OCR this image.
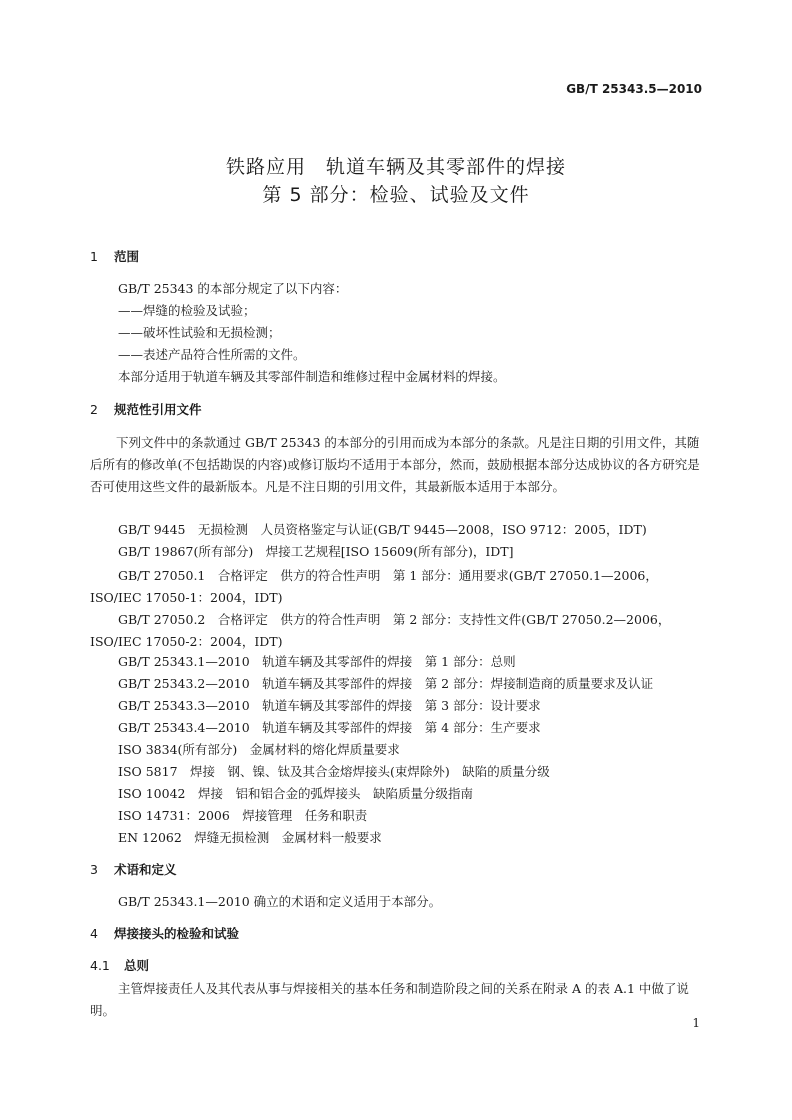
GB/T 25343.5—2010
铁路应用　轨道车辆及其零部件的焊接
第 5 部分：检验、试验及文件
1 范围
GB/T 25343 的本部分规定了以下内容：
——焊缝的检验及试验；
——破坏性试验和无损检测；
——表述产品符合性所需的文件。
本部分适用于轨道车辆及其零部件制造和维修过程中金属材料的焊接。
2 规范性引用文件
下列文件中的条款通过 GB/T 25343 的本部分的引用而成为本部分的条款。凡是注日期的引用文件，其随后所有的修改单(不包括勘误的内容)或修订版均不适用于本部分，然而，鼓励根据本部分达成协议的各方研究是否可使用这些文件的最新版本。凡是不注日期的引用文件，其最新版本适用于本部分。
GB/T 9445　无损检测　人员资格鉴定与认证(GB/T 9445—2008，ISO 9712：2005，IDT)
GB/T 19867(所有部分)　焊接工艺规程[ISO 15609(所有部分)，IDT]
GB/T 27050.1　合格评定　供方的符合性声明　第 1 部分：通用要求(GB/T 27050.1—2006，ISO/IEC 17050-1：2004，IDT)
GB/T 27050.2　合格评定　供方的符合性声明　第 2 部分：支持性文件(GB/T 27050.2—2006，ISO/IEC 17050-2：2004，IDT)
GB/T 25343.1—2010　轨道车辆及其零部件的焊接　第 1 部分：总则
GB/T 25343.2—2010　轨道车辆及其零部件的焊接　第 2 部分：焊接制造商的质量要求及认证
GB/T 25343.3—2010　轨道车辆及其零部件的焊接　第 3 部分：设计要求
GB/T 25343.4—2010　轨道车辆及其零部件的焊接　第 4 部分：生产要求
ISO 3834(所有部分)　金属材料的熔化焊质量要求
ISO 5817　焊接　钢、镍、钛及其合金熔焊接头(束焊除外)　缺陷的质量分级
ISO 10042　焊接　铝和铝合金的弧焊接头　缺陷质量分级指南
ISO 14731：2006　焊接管理　任务和职责
EN 12062　焊缝无损检测　金属材料一般要求
3 术语和定义
GB/T 25343.1—2010 确立的术语和定义适用于本部分。
4 焊接接头的检验和试验
4.1 总则
主管焊接责任人及其代表从事与焊接相关的基本任务和制造阶段之间的关系在附录 A 的表 A.1 中做了说明。
1
